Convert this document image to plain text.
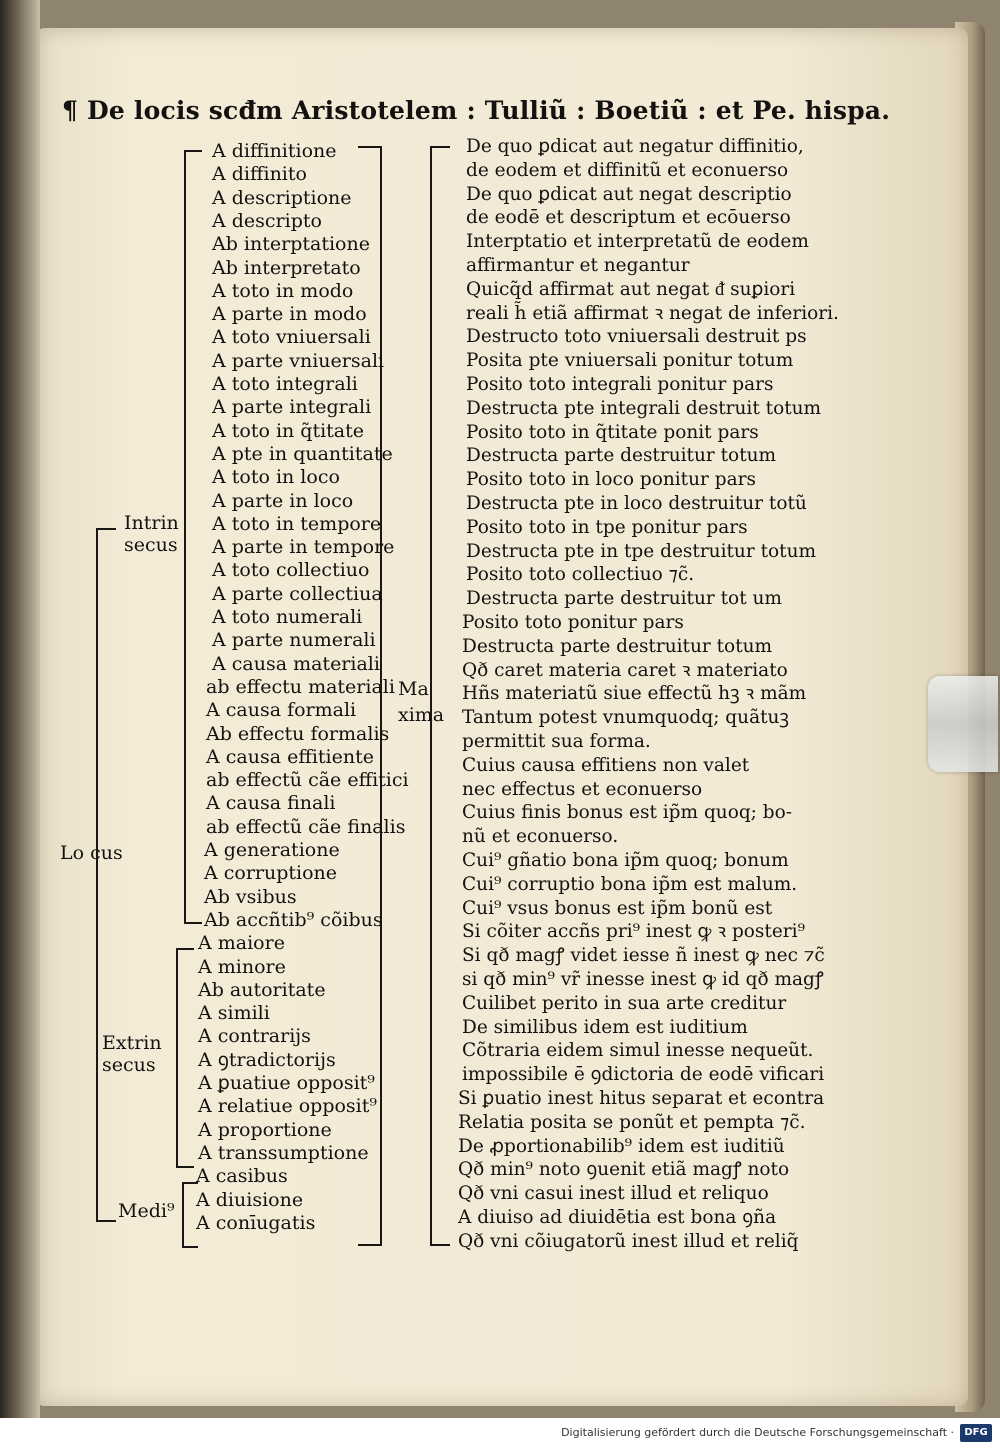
¶ De locis scđm Aristotelem : Tulliũ : Boetiũ : et Pe. hispa.
Lo cus
Intrin secus
Extrin secus
Medi⁹
Ma xima
A diffinitione
A diffinito
A descriptione
A descripto
Ab interptatione
Ab interpretato
A toto in modo
A parte in modo
A toto vniuersali
A parte vniuersali
A toto integrali
A parte integrali
A toto in q̃titate
A pte in quantitate
A toto in loco
A parte in loco
A toto in tempore
A parte in tempore
A toto collectiuo
A parte collectiua
A toto numerali
A parte numerali
A causa materiali
ab effectu materiali
A causa formali
Ab effectu formalis
A causa effitiente
ab effectũ cãe effitici
A causa finali
ab effectũ cãe finalis
A generatione
A corruptione
Ab vsibus
Ab accñtib⁹ cõibus
A maiore
A minore
Ab autoritate
A simili
A contrarijs
A ꝯtradictorijs
A ꝑuatiue opposit⁹
A relatiue opposit⁹
A proportione
A transsumptione
A casibus
A diuisione
A conīugatis
De quo ꝑdicat aut negatur diffinitio,
de eodem et diffinitũ et econuerso
De quo ꝑdicat aut negat descriptio
de eodē et descriptum et ecōuerso
Interptatio et interpretatũ de eodem
affirmantur et negantur
Quicq̃d affirmat aut negat ᵭ suꝑiori
reali h̃ etiã affirmat ꝛ negat de inferiori.
Destructo toto vniuersali destruit ps
Posita pte vniuersali ponitur totum
Posito toto integrali ponitur pars
Destructa pte integrali destruit totum
Posito toto in q̃titate ponit pars
Destructa parte destruitur totum
Posito toto in loco ponitur pars
Destructa pte in loco destruitur totũ
Posito toto in tpe ponitur pars
Destructa pte in tpe destruitur totum
Posito toto collectiuo ⁊c̃.
Destructa parte destruitur tot um
Posito toto ponitur pars
Destructa parte destruitur totum
Qð caret materia caret ꝛ materiato
Hñs materiatũ siue effectũ hꝫ ꝛ mãm
Tantum potest vnumquodq; quãtuꝫ
permittit sua forma.
Cuius causa effitiens non valet
nec effectus et econuerso
Cuius finis bonus est ip̃m quoq; bo-
nũ et econuerso.
Cui⁹ gñatio bona ip̃m quoq; bonum
Cui⁹ corruptio bona ip̃m est malum.
Cui⁹ vsus bonus est ip̃m bonũ est
Si cõiter accñs pri⁹ inest ꝙ ꝛ posteri⁹
Si qð magꝭ videt iesse ñ inest ꝙ nec ⁊c̃
si qð min⁹ vr̃ inesse inest ꝙ id qð magꝭ
Cuilibet perito in sua arte creditur
De similibus idem est iuditium
Cõtraria eidem simul inesse nequeũt.
impossibile ē ꝯdictoria de eodē vificari
Si ꝑuatio inest hitus separat et econtra
Relatia posita se ponũt et pempta ⁊c̃.
De ꝓportionabilib⁹ idem est iuditiũ
Qð min⁹ noto ꝯuenit etiã magꝭ noto
Qð vni casui inest illud et reliquo
A diuiso ad diuidētia est bona ꝯña
Qð vni cõiugatorũ inest illud et reliq̃
Digitalisierung gefördert durch die Deutsche Forschungsgemeinschaft ·	DFG
